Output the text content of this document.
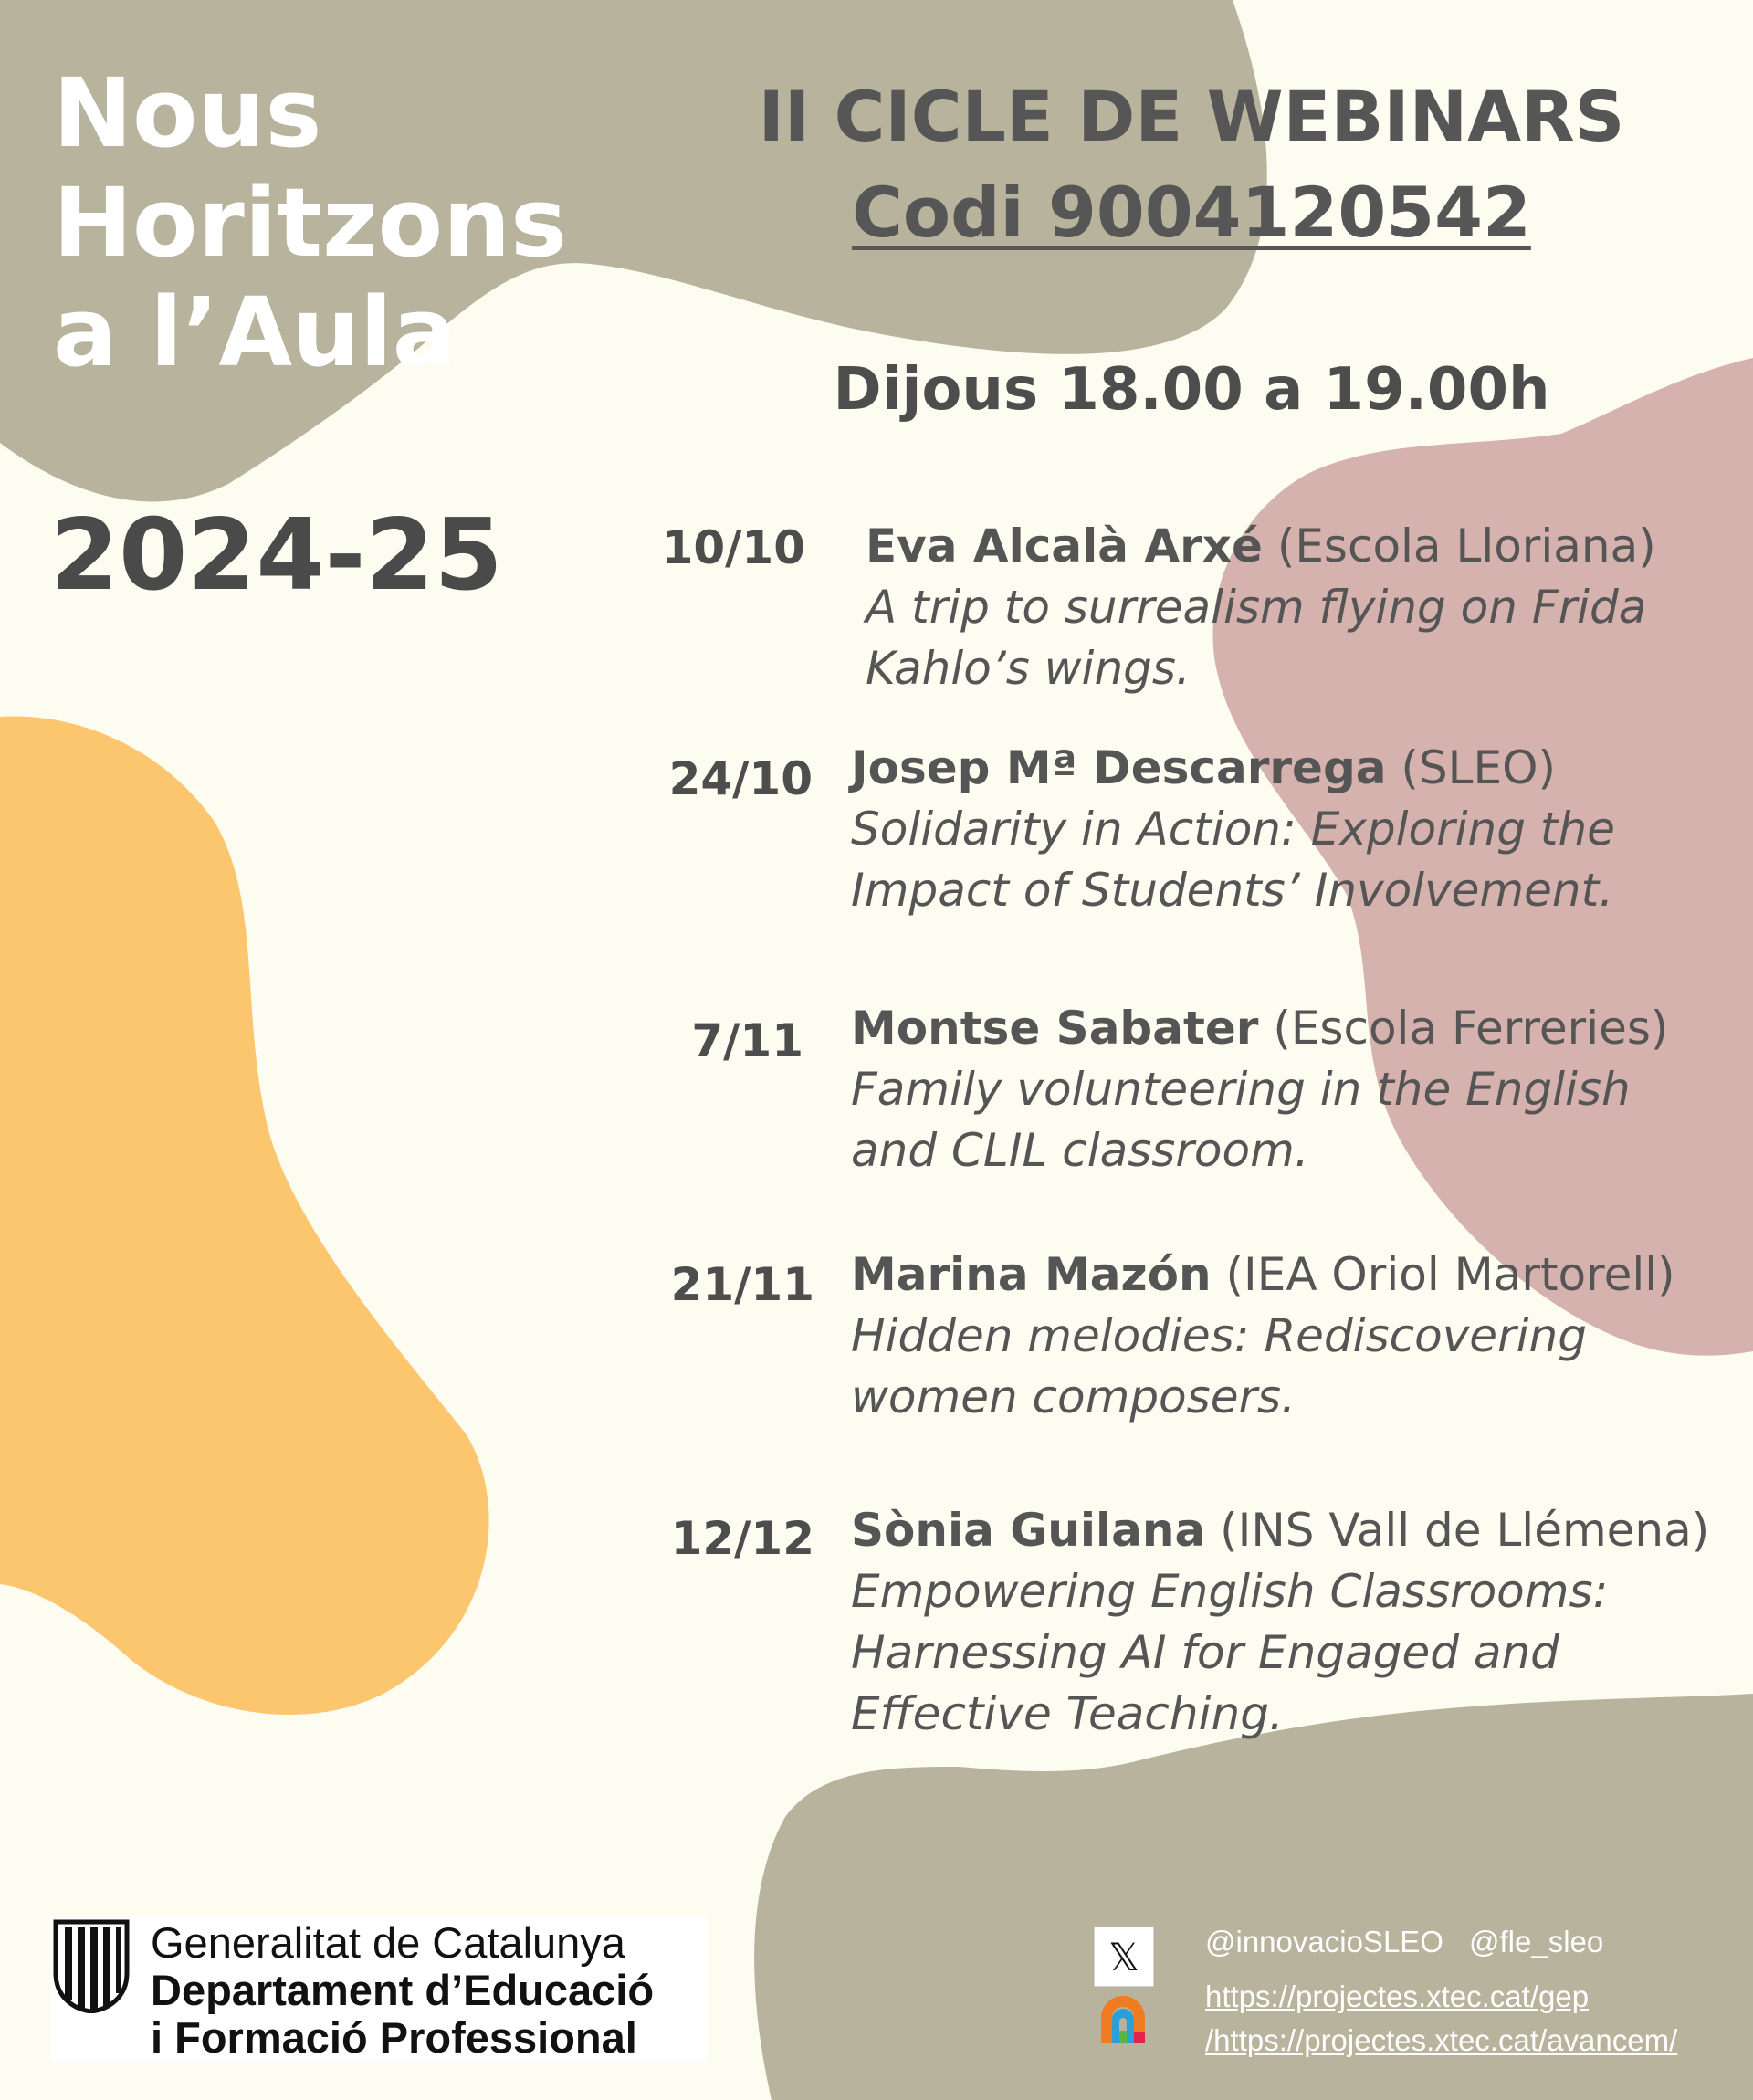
Nous
Horitzons
a l’Aula
2024-25
II CICLE DE WEBINARS
Codi 9004120542
Dijous 18.00 a 19.00h
10/10 Eva Alcalà Arxé (Escola Lloriana)
A trip to surrealism flying on Frida
Kahlo’s wings.
24/10 Josep Mª Descarrega (SLEO)
Solidarity in Action: Exploring the
Impact of Students’ Involvement.
7/11 Montse Sabater (Escola Ferreries)
Family volunteering in the English
and CLIL classroom.
21/11 Marina Mazón (IEA Oriol Martorell)
Hidden melodies: Rediscovering
women composers.
12/12 Sònia Guilana (INS Vall de Llémena)
Empowering English Classrooms:
Harnessing AI for Engaged and
Effective Teaching.
Generalitat de Catalunya
Departament d’Educació
i Formació Professional
𝕏	@innovacioSLEO @fle_sleo
https://projectes.xtec.cat/gep
/https://projectes.xtec.cat/avancem/
